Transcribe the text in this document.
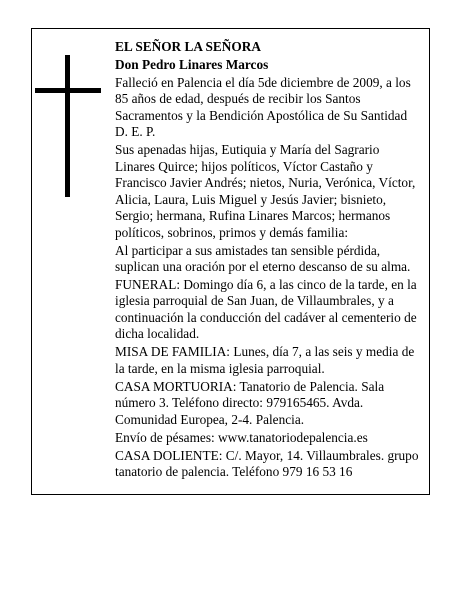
EL SEÑOR LA SEÑORA

Don Pedro Linares Marcos

Falleció en Palencia el día 5de diciembre de 2009, a los 85 años de edad, después de recibir los Santos Sacramentos y la Bendición Apostólica de Su Santidad D. E. P.

Sus apenadas hijas, Eutiquia y María del Sagrario Linares Quirce; hijos políticos, Víctor Castaño y Francisco Javier Andrés; nietos, Nuria, Verónica, Víctor, Alicia, Laura, Luis Miguel y Jesús Javier; bisnieto, Sergio; hermana, Rufina Linares Marcos; hermanos políticos, sobrinos, primos y demás familia:

Al participar a sus amistades tan sensible pérdida, suplican una oración por el eterno descanso de su alma.

FUNERAL: Domingo día 6, a las cinco de la tarde, en la iglesia parroquial de San Juan, de Villaumbrales, y a continuación la conducción del cadáver al cementerio de dicha localidad.

MISA DE FAMILIA: Lunes, día 7, a las seis y media de la tarde, en la misma iglesia parroquial.

CASA MORTUORIA: Tanatorio de Palencia. Sala número 3. Teléfono directo: 979165465. Avda. Comunidad Europea, 2-4. Palencia.

Envío de pésames: www.tanatoriodepalencia.es

CASA DOLIENTE: C/. Mayor, 14. Villaumbrales. grupo tanatorio de palencia. Teléfono 979 16 53 16
